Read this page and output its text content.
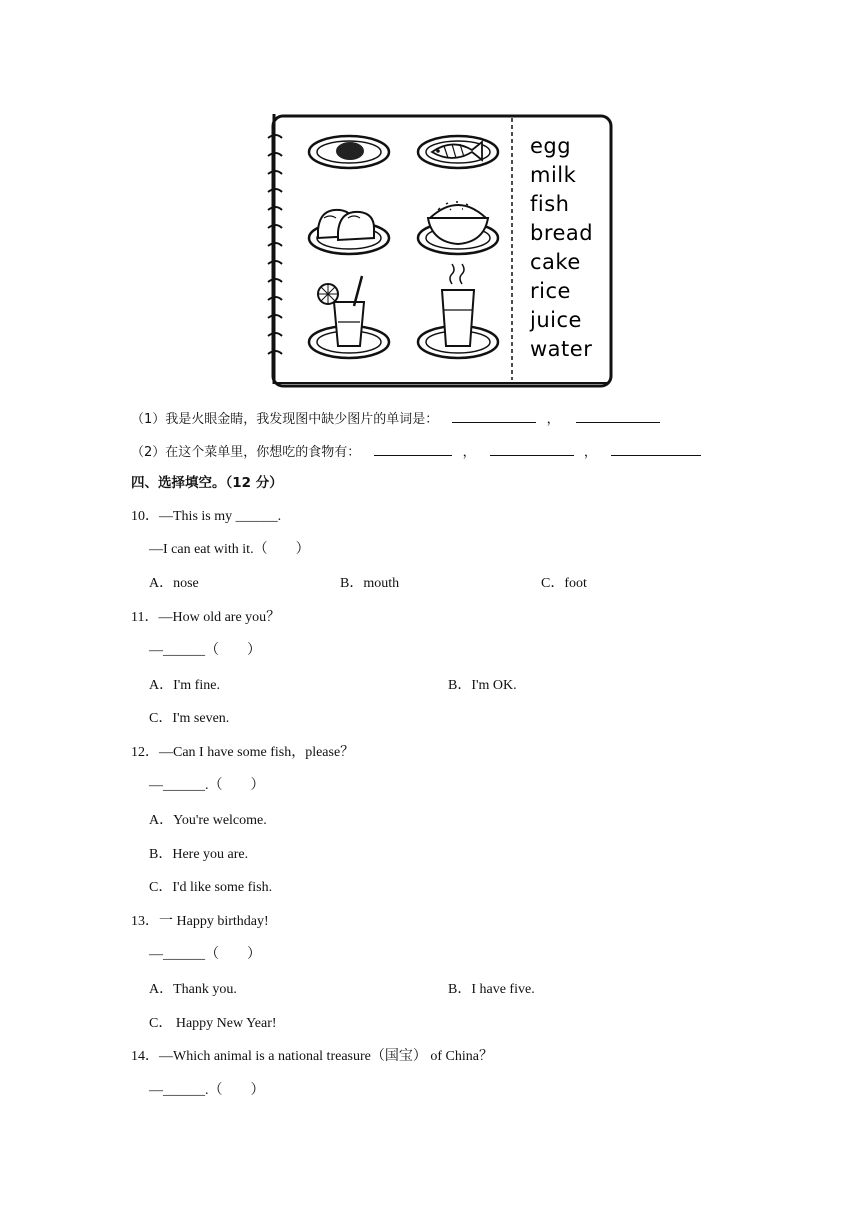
egg
milk
fish
bread
cake
rice
juice
water
（1）我是火眼金睛，我发现图中缺少图片的单词是：	，
（2）在这个菜单里，你想吃的食物有：	，	，
四、选择填空。（12 分）
10．—This is my ______.
—I can eat with it.（　　）
A．nose	B．mouth	C．foot
11．—How old are you？
—______（　　）
A．I'm fine.	B．I'm OK.
C．I'm seven.
12．—Can I have some fish，please？
—______.（　　）
A．You're welcome.
B．Here you are.
C．I'd like some fish.
13．一 Happy birthday!
—______（　　）
A．Thank you.	B．I have five.
C． Happy New Year!
14．—Which animal is a national treasure（国宝） of China？
—______.（　　）
